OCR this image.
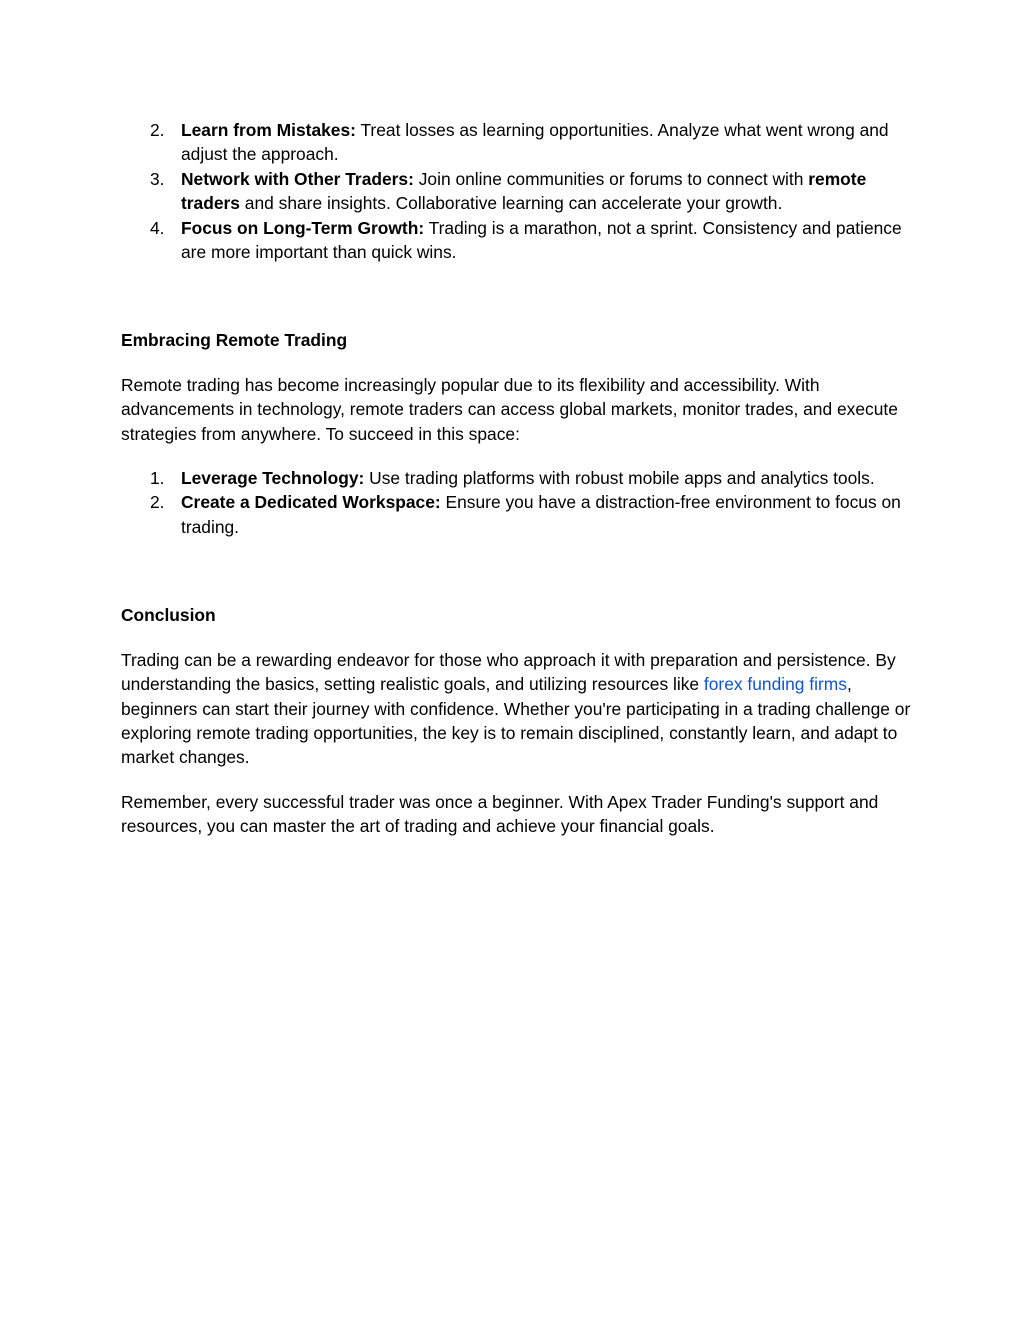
2. Learn from Mistakes: Treat losses as learning opportunities. Analyze what went wrong and adjust the approach.
3. Network with Other Traders: Join online communities or forums to connect with remote traders and share insights. Collaborative learning can accelerate your growth.
4. Focus on Long-Term Growth: Trading is a marathon, not a sprint. Consistency and patience are more important than quick wins.

Embracing Remote Trading

Remote trading has become increasingly popular due to its flexibility and accessibility. With advancements in technology, remote traders can access global markets, monitor trades, and execute strategies from anywhere. To succeed in this space:

1. Leverage Technology: Use trading platforms with robust mobile apps and analytics tools.
2. Create a Dedicated Workspace: Ensure you have a distraction-free environment to focus on trading.

Conclusion

Trading can be a rewarding endeavor for those who approach it with preparation and persistence. By understanding the basics, setting realistic goals, and utilizing resources like forex funding firms, beginners can start their journey with confidence. Whether you're participating in a trading challenge or exploring remote trading opportunities, the key is to remain disciplined, constantly learn, and adapt to market changes.

Remember, every successful trader was once a beginner. With Apex Trader Funding's support and resources, you can master the art of trading and achieve your financial goals.
